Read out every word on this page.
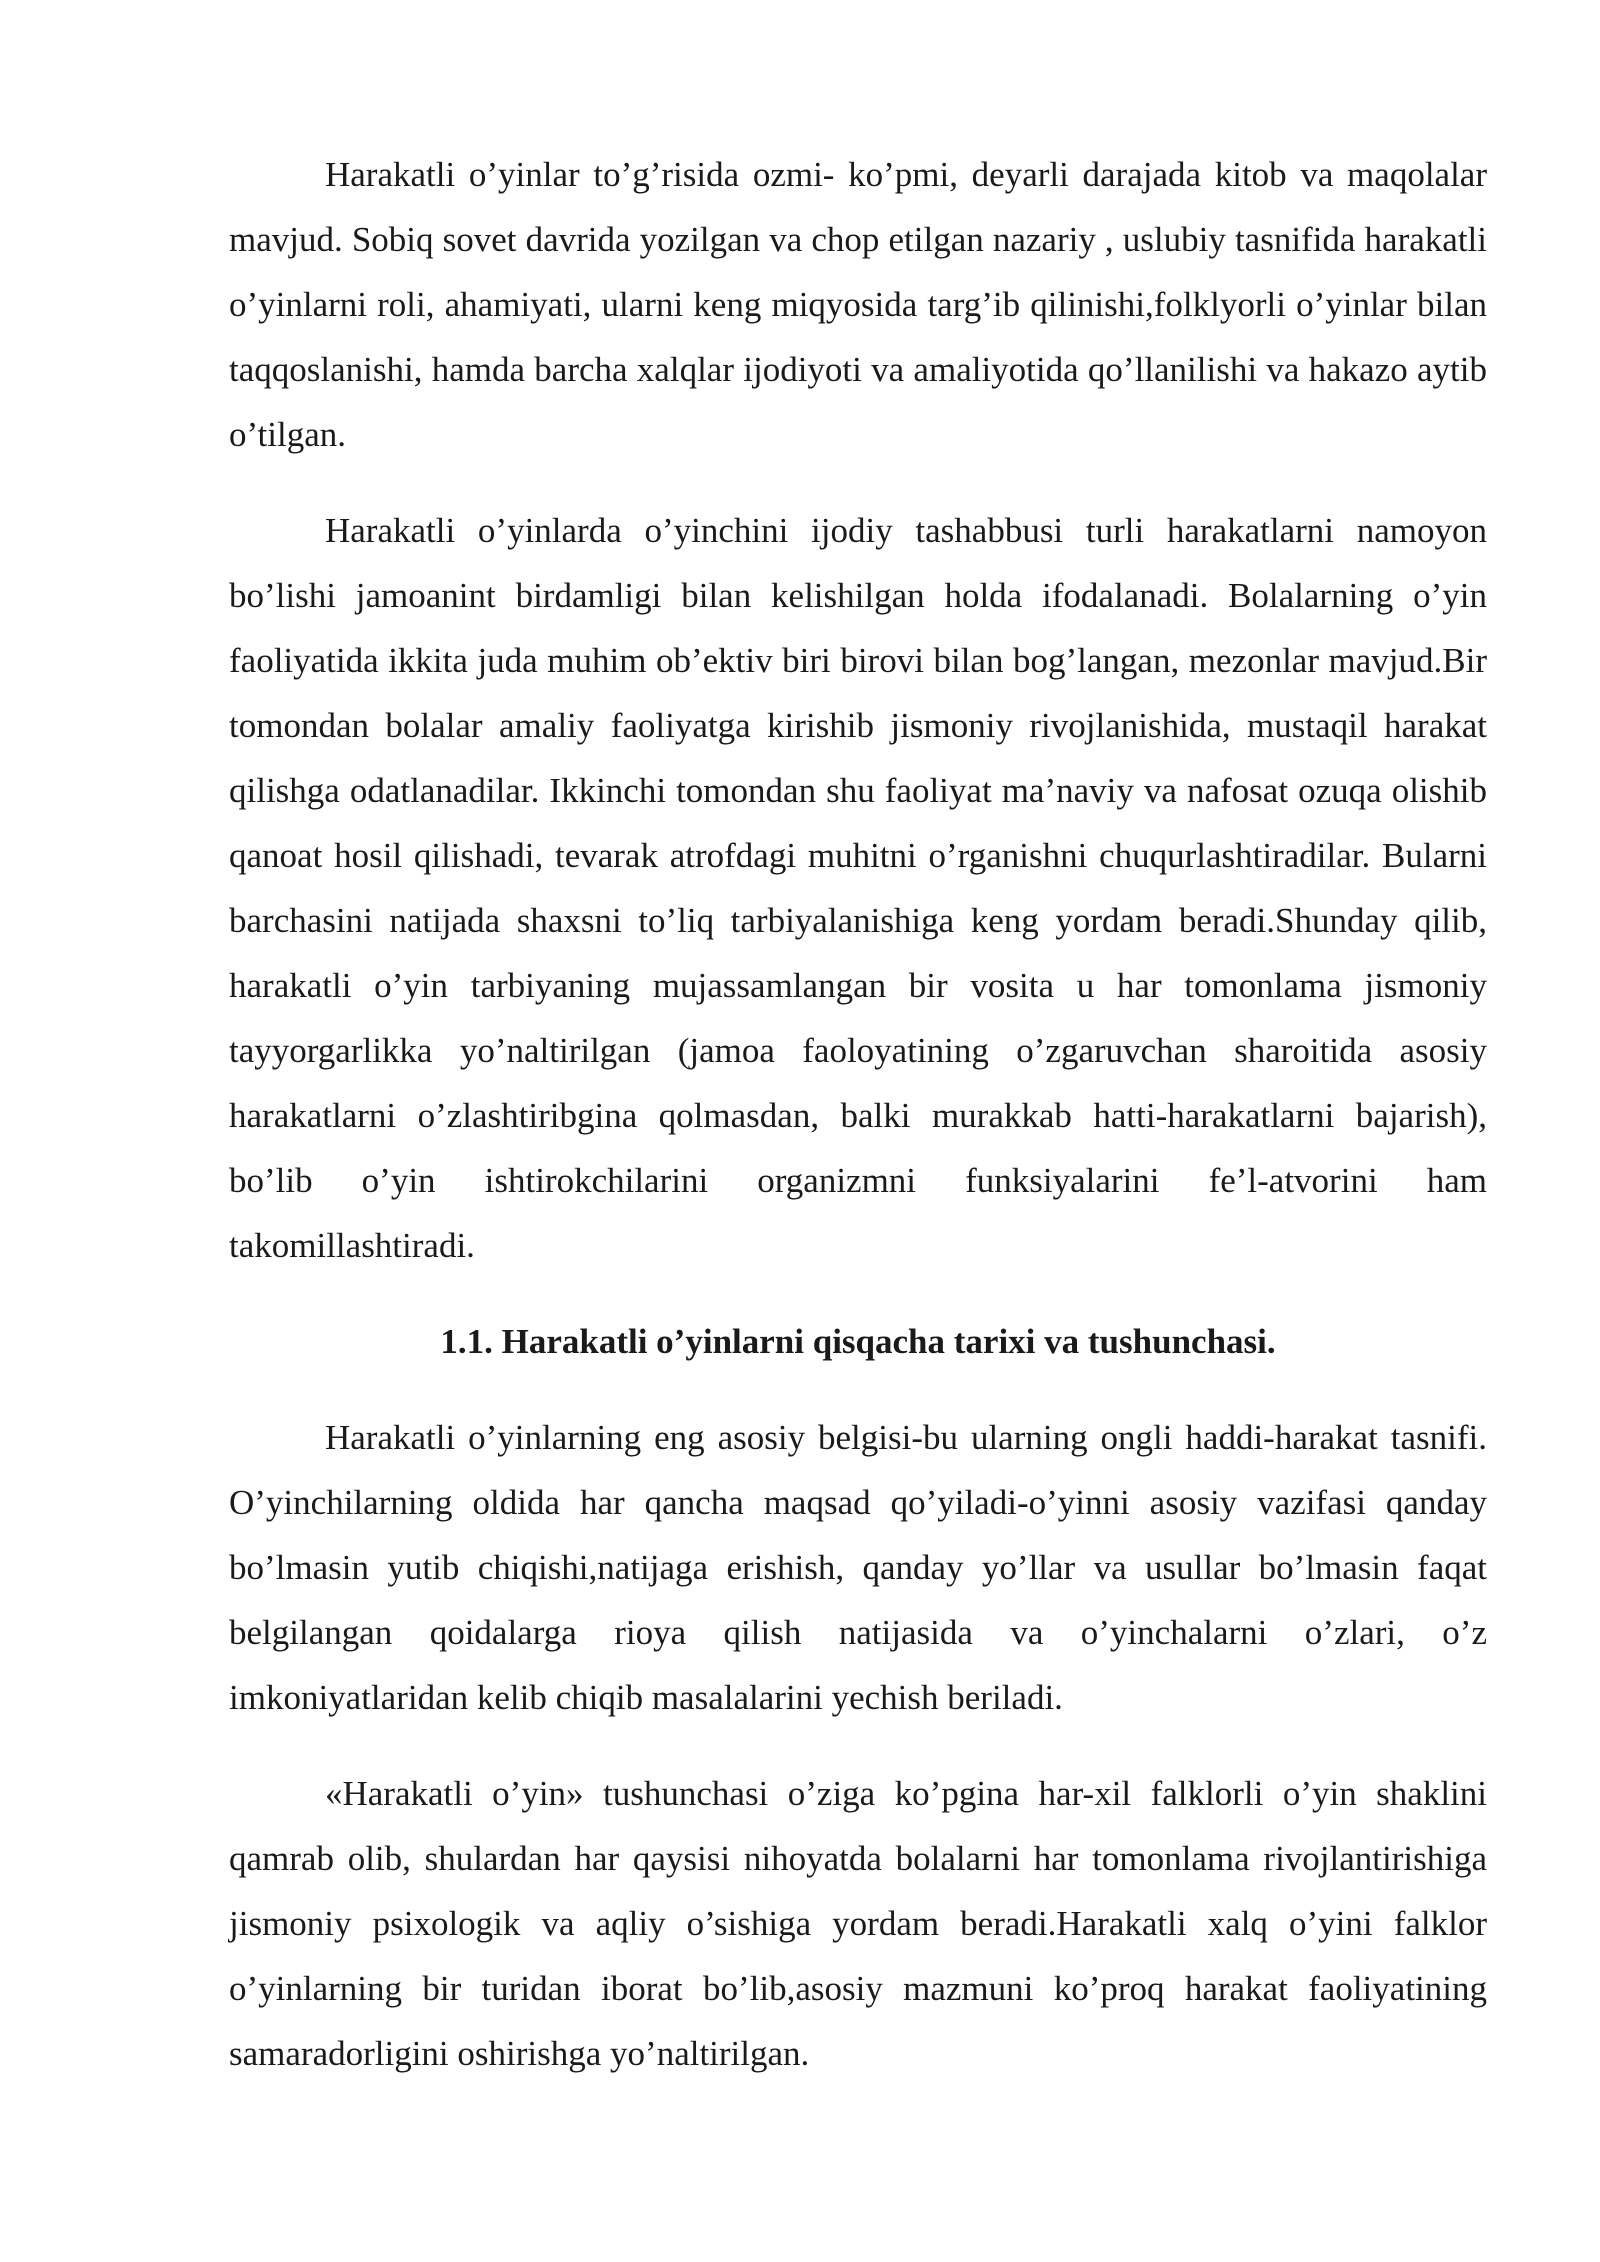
Harakatli o’yinlar to’g’risida ozmi- ko’pmi, deyarli darajada kitob va maqolalar mavjud. Sobiq sovet davrida yozilgan va chop etilgan nazariy , uslubiy tasnifida harakatli o’yinlarni roli, ahamiyati, ularni keng miqyosida targ’ib qilinishi,folklyorli o’yinlar bilan taqqoslanishi, hamda barcha xalqlar ijodiyoti va amaliyotida qo’llanilishi va hakazo aytib o’tilgan.

Harakatli o’yinlarda o’yinchini ijodiy tashabbusi turli harakatlarni namoyon bo’lishi jamoanint birdamligi bilan kelishilgan holda ifodalanadi. Bolalarning o’yin faoliyatida ikkita juda muhim ob’ektiv biri birovi bilan bog’langan, mezonlar mavjud.Bir tomondan bolalar amaliy faoliyatga kirishib jismoniy rivojlanishida, mustaqil harakat qilishga odatlanadilar. Ikkinchi tomondan shu faoliyat ma’naviy va nafosat ozuqa olishib qanoat hosil qilishadi, tevarak atrofdagi muhitni o’rganishni chuqurlashtiradilar. Bularni barchasini natijada shaxsni to’liq tarbiyalanishiga keng yordam beradi.Shunday qilib, harakatli o’yin tarbiyaning mujassamlangan bir vosita u har tomonlama jismoniy tayyorgarlikka yo’naltirilgan (jamoa faoloyatining o’zgaruvchan sharoitida asosiy harakatlarni o’zlashtiribgina qolmasdan, balki murakkab hatti-harakatlarni bajarish), bo’lib o’yin ishtirokchilarini organizmni funksiyalarini fe’l-atvorini ham takomillashtiradi.

1.1. Harakatli o’yinlarni qisqacha tarixi va tushunchasi.

Harakatli o’yinlarning eng asosiy belgisi-bu ularning ongli haddi-harakat tasnifi. O’yinchilarning oldida har qancha maqsad qo’yiladi-o’yinni asosiy vazifasi qanday bo’lmasin yutib chiqishi,natijaga erishish, qanday yo’llar va usullar bo’lmasin faqat belgilangan qoidalarga rioya qilish natijasida va o’yinchalarni o’zlari, o’z imkoniyatlaridan kelib chiqib masalalarini yechish beriladi.

«Harakatli o’yin» tushunchasi o’ziga ko’pgina har-xil falklorli o’yin shaklini qamrab olib, shulardan har qaysisi nihoyatda bolalarni har tomonlama rivojlantirishiga jismoniy psixologik va aqliy o’sishiga yordam beradi.Harakatli xalq o’yini falklor o’yinlarning bir turidan iborat bo’lib,asosiy mazmuni ko’proq harakat faoliyatining samaradorligini oshirishga yo’naltirilgan.
